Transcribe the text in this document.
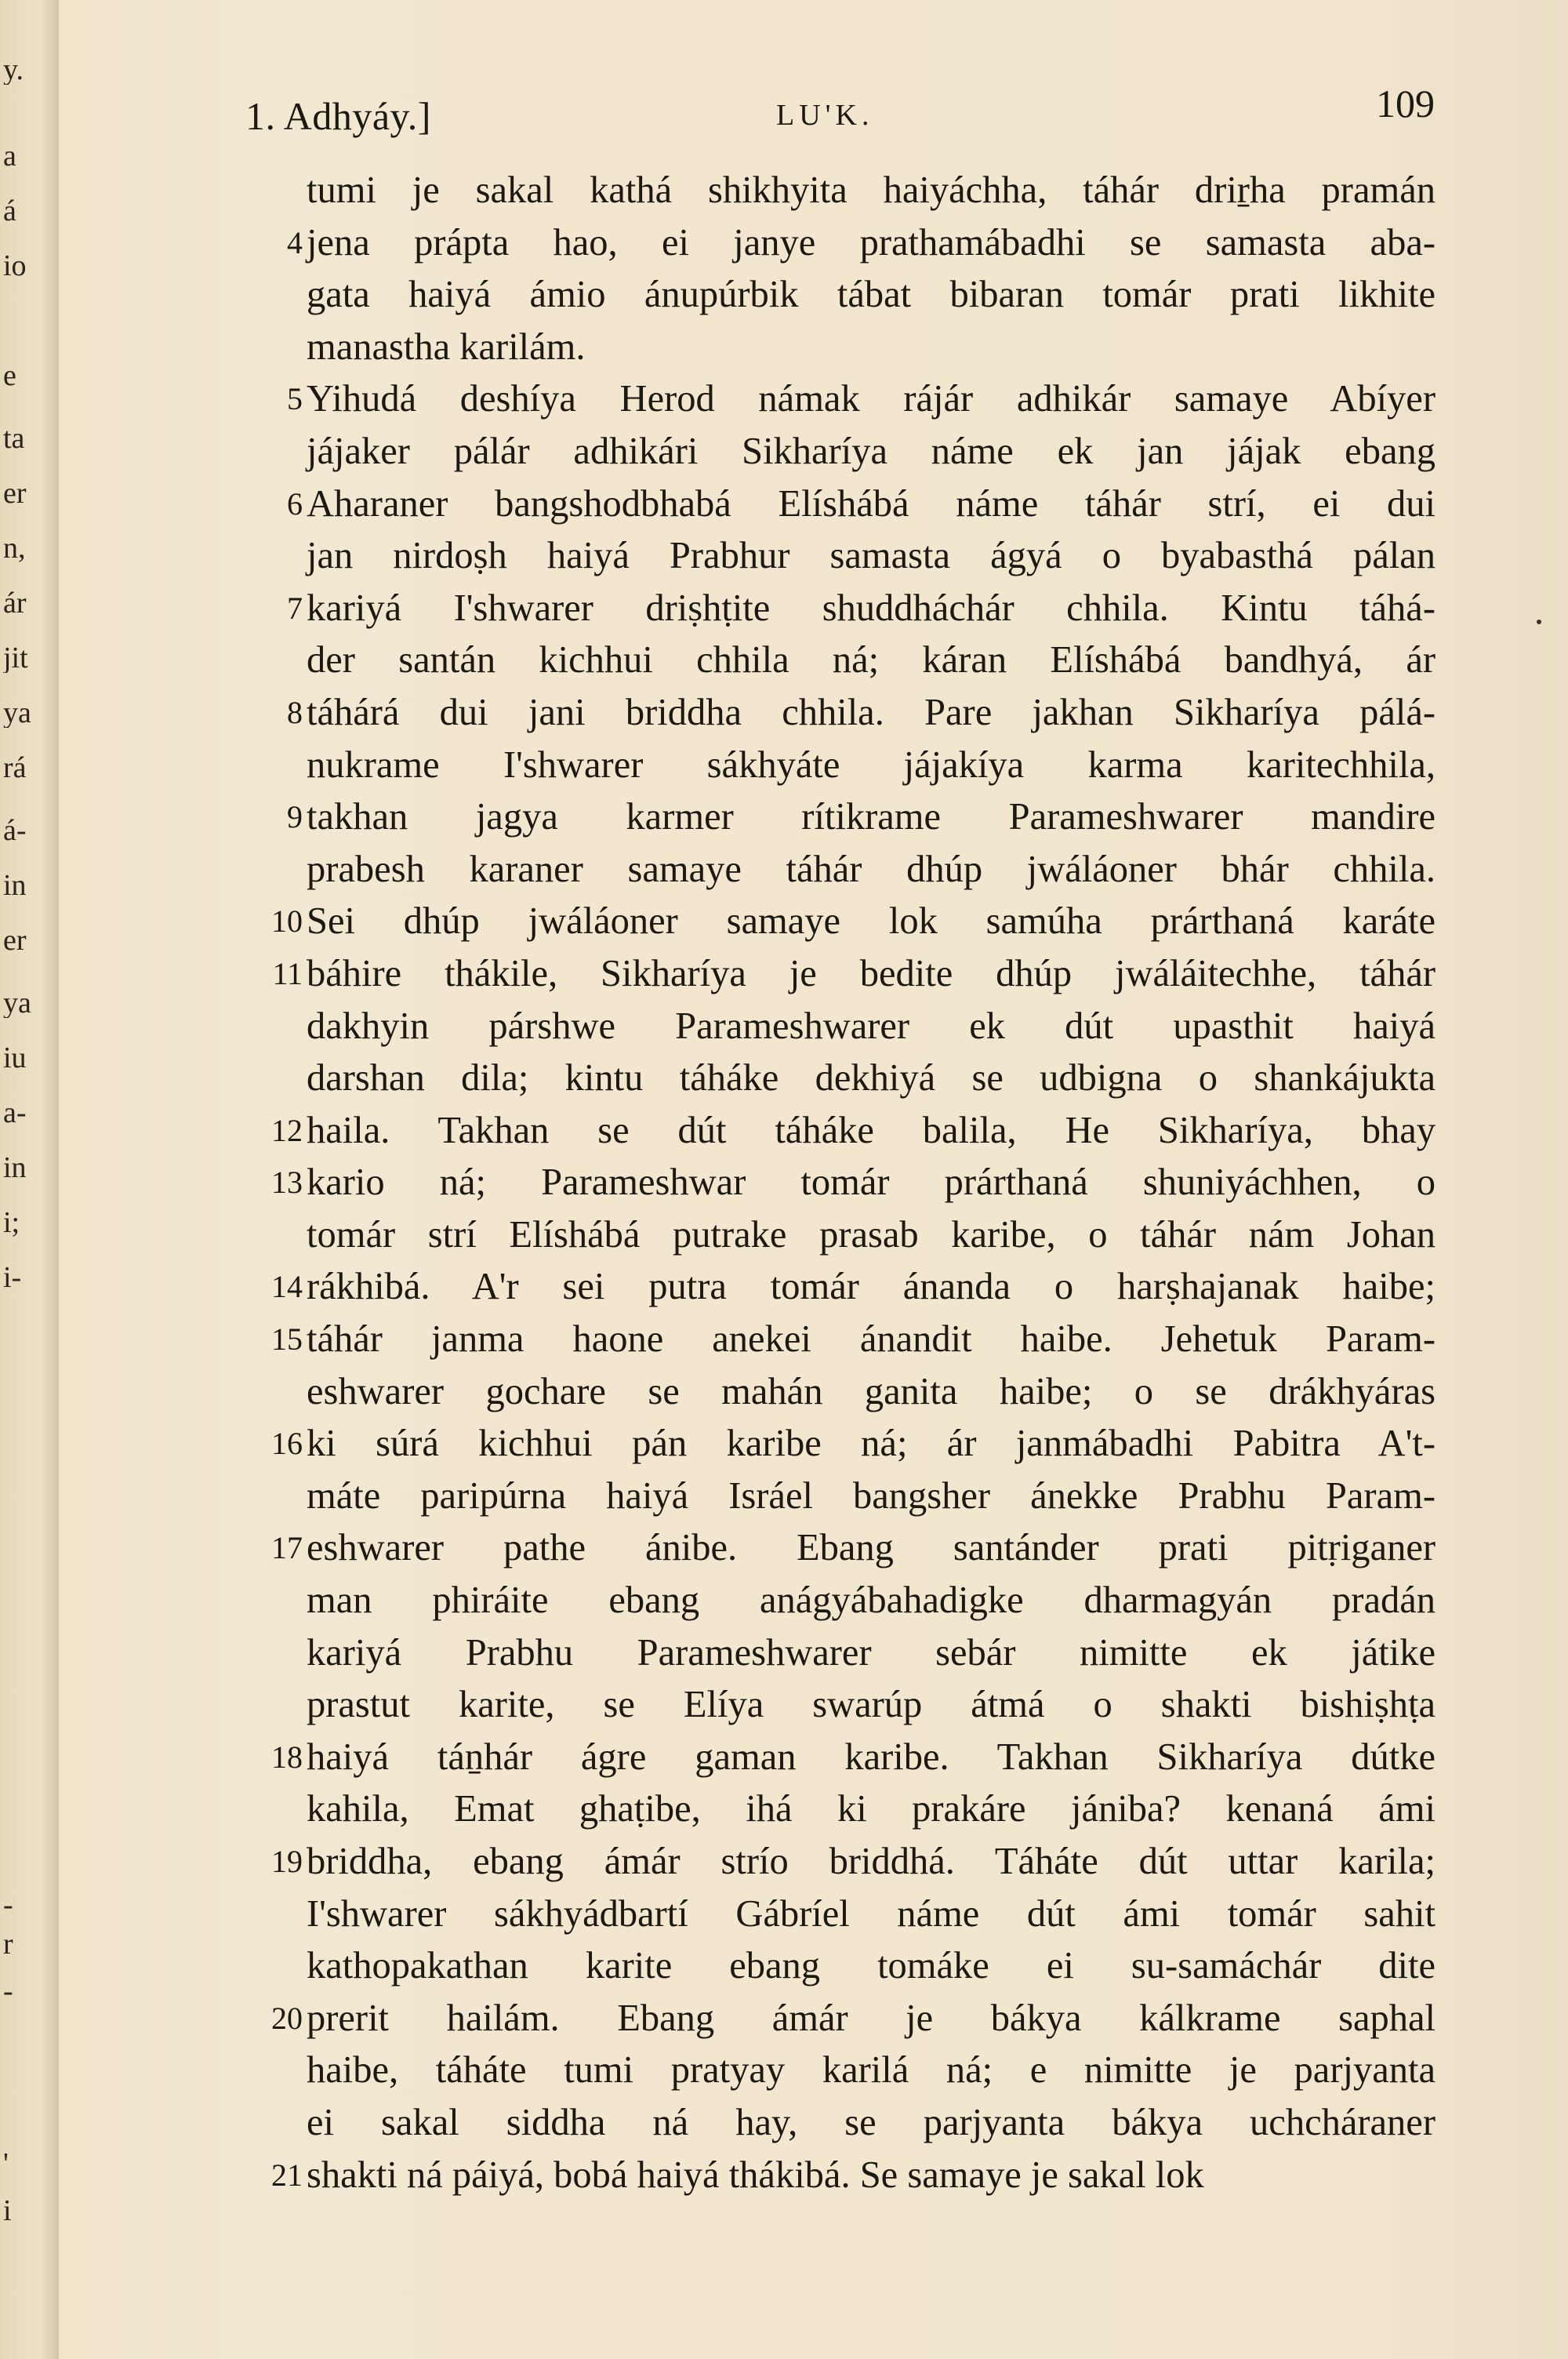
y.
a
á
io
e
ta
er
n,
ár
jit
ya
rá
á-
in
er
ya
iu
a-
in
i;
i-
-
r
-
'
i
1. Adhyáy.]	LU'K.	109
tumi je sakal kathá shikhyita haiyáchha, táhár driṟha pramán
4 jena prápta hao, ei janye prathamábadhi se samasta aba-
gata haiyá ámio ánupúrbik tábat bibaran tomár prati likhite
manastha karilám.
5 Yihudá deshíya Herod námak rájár adhikár samaye Abíyer
jájaker pálár adhikári Sikharíya náme ek jan jájak ebang
6 Aharaner bangshodbhabá Elíshábá náme táhár strí, ei dui
jan nirdoṣh haiyá Prabhur samasta ágyá o byabasthá pálan
7 kariyá I'shwarer driṣhṭite shuddháchár chhila. Kintu táhá-
der santán kichhui chhila ná; káran Elíshábá bandhyá, ár
8 táhárá dui jani briddha chhila. Pare jakhan Sikharíya pálá-
nukrame I'shwarer sákhyáte jájakíya karma karitechhila,
9 takhan jagya karmer rítikrame Parameshwarer mandire
prabesh karaner samaye táhár dhúp jwáláoner bhár chhila.
10 Sei dhúp jwáláoner samaye lok samúha prárthaná karáte
11 báhire thákile, Sikharíya je bedite dhúp jwáláitechhe, táhár
dakhyin párshwe Parameshwarer ek dút upasthit haiyá
darshan dila; kintu táháke dekhiyá se udbigna o shankájukta
12 haila. Takhan se dút táháke balila, He Sikharíya, bhay
13 kario ná; Parameshwar tomár prárthaná shuniyáchhen, o
tomár strí Elíshábá putrake prasab karibe, o táhár nám Johan
14 rákhibá. A'r sei putra tomár ánanda o harṣhajanak haibe;
15 táhár janma haone anekei ánandit haibe. Jehetuk Param-
eshwarer gochare se mahán ganita haibe; o se drákhyáras
16 ki súrá kichhui pán karibe ná; ár janmábadhi Pabitra A't-
máte paripúrna haiyá Isráel bangsher ánekke Prabhu Param-
17 eshwarer pathe ánibe. Ebang santánder prati pitṛiganer
man phiráite ebang anágyábahadigke dharmagyán pradán
kariyá Prabhu Parameshwarer sebár nimitte ek játike
prastut karite, se Elíya swarúp átmá o shakti bishiṣhṭa
18 haiyá táṉhár ágre gaman karibe. Takhan Sikharíya dútke
kahila, Emat ghaṭibe, ihá ki prakáre jániba? kenaná ámi
19 briddha, ebang ámár strío briddhá. Táháte dút uttar karila;
I'shwarer sákhyádbartí Gábríel náme dút ámi tomár sahit
kathopakathan karite ebang tomáke ei su-samáchár dite
20 prerit hailám. Ebang ámár je bákya kálkrame saphal
haibe, táháte tumi pratyay karilá ná; e nimitte je parjyanta
ei sakal siddha ná hay, se parjyanta bákya uchcháraner
21 shakti ná páiyá, bobá haiyá thákibá. Se samaye je sakal lok
